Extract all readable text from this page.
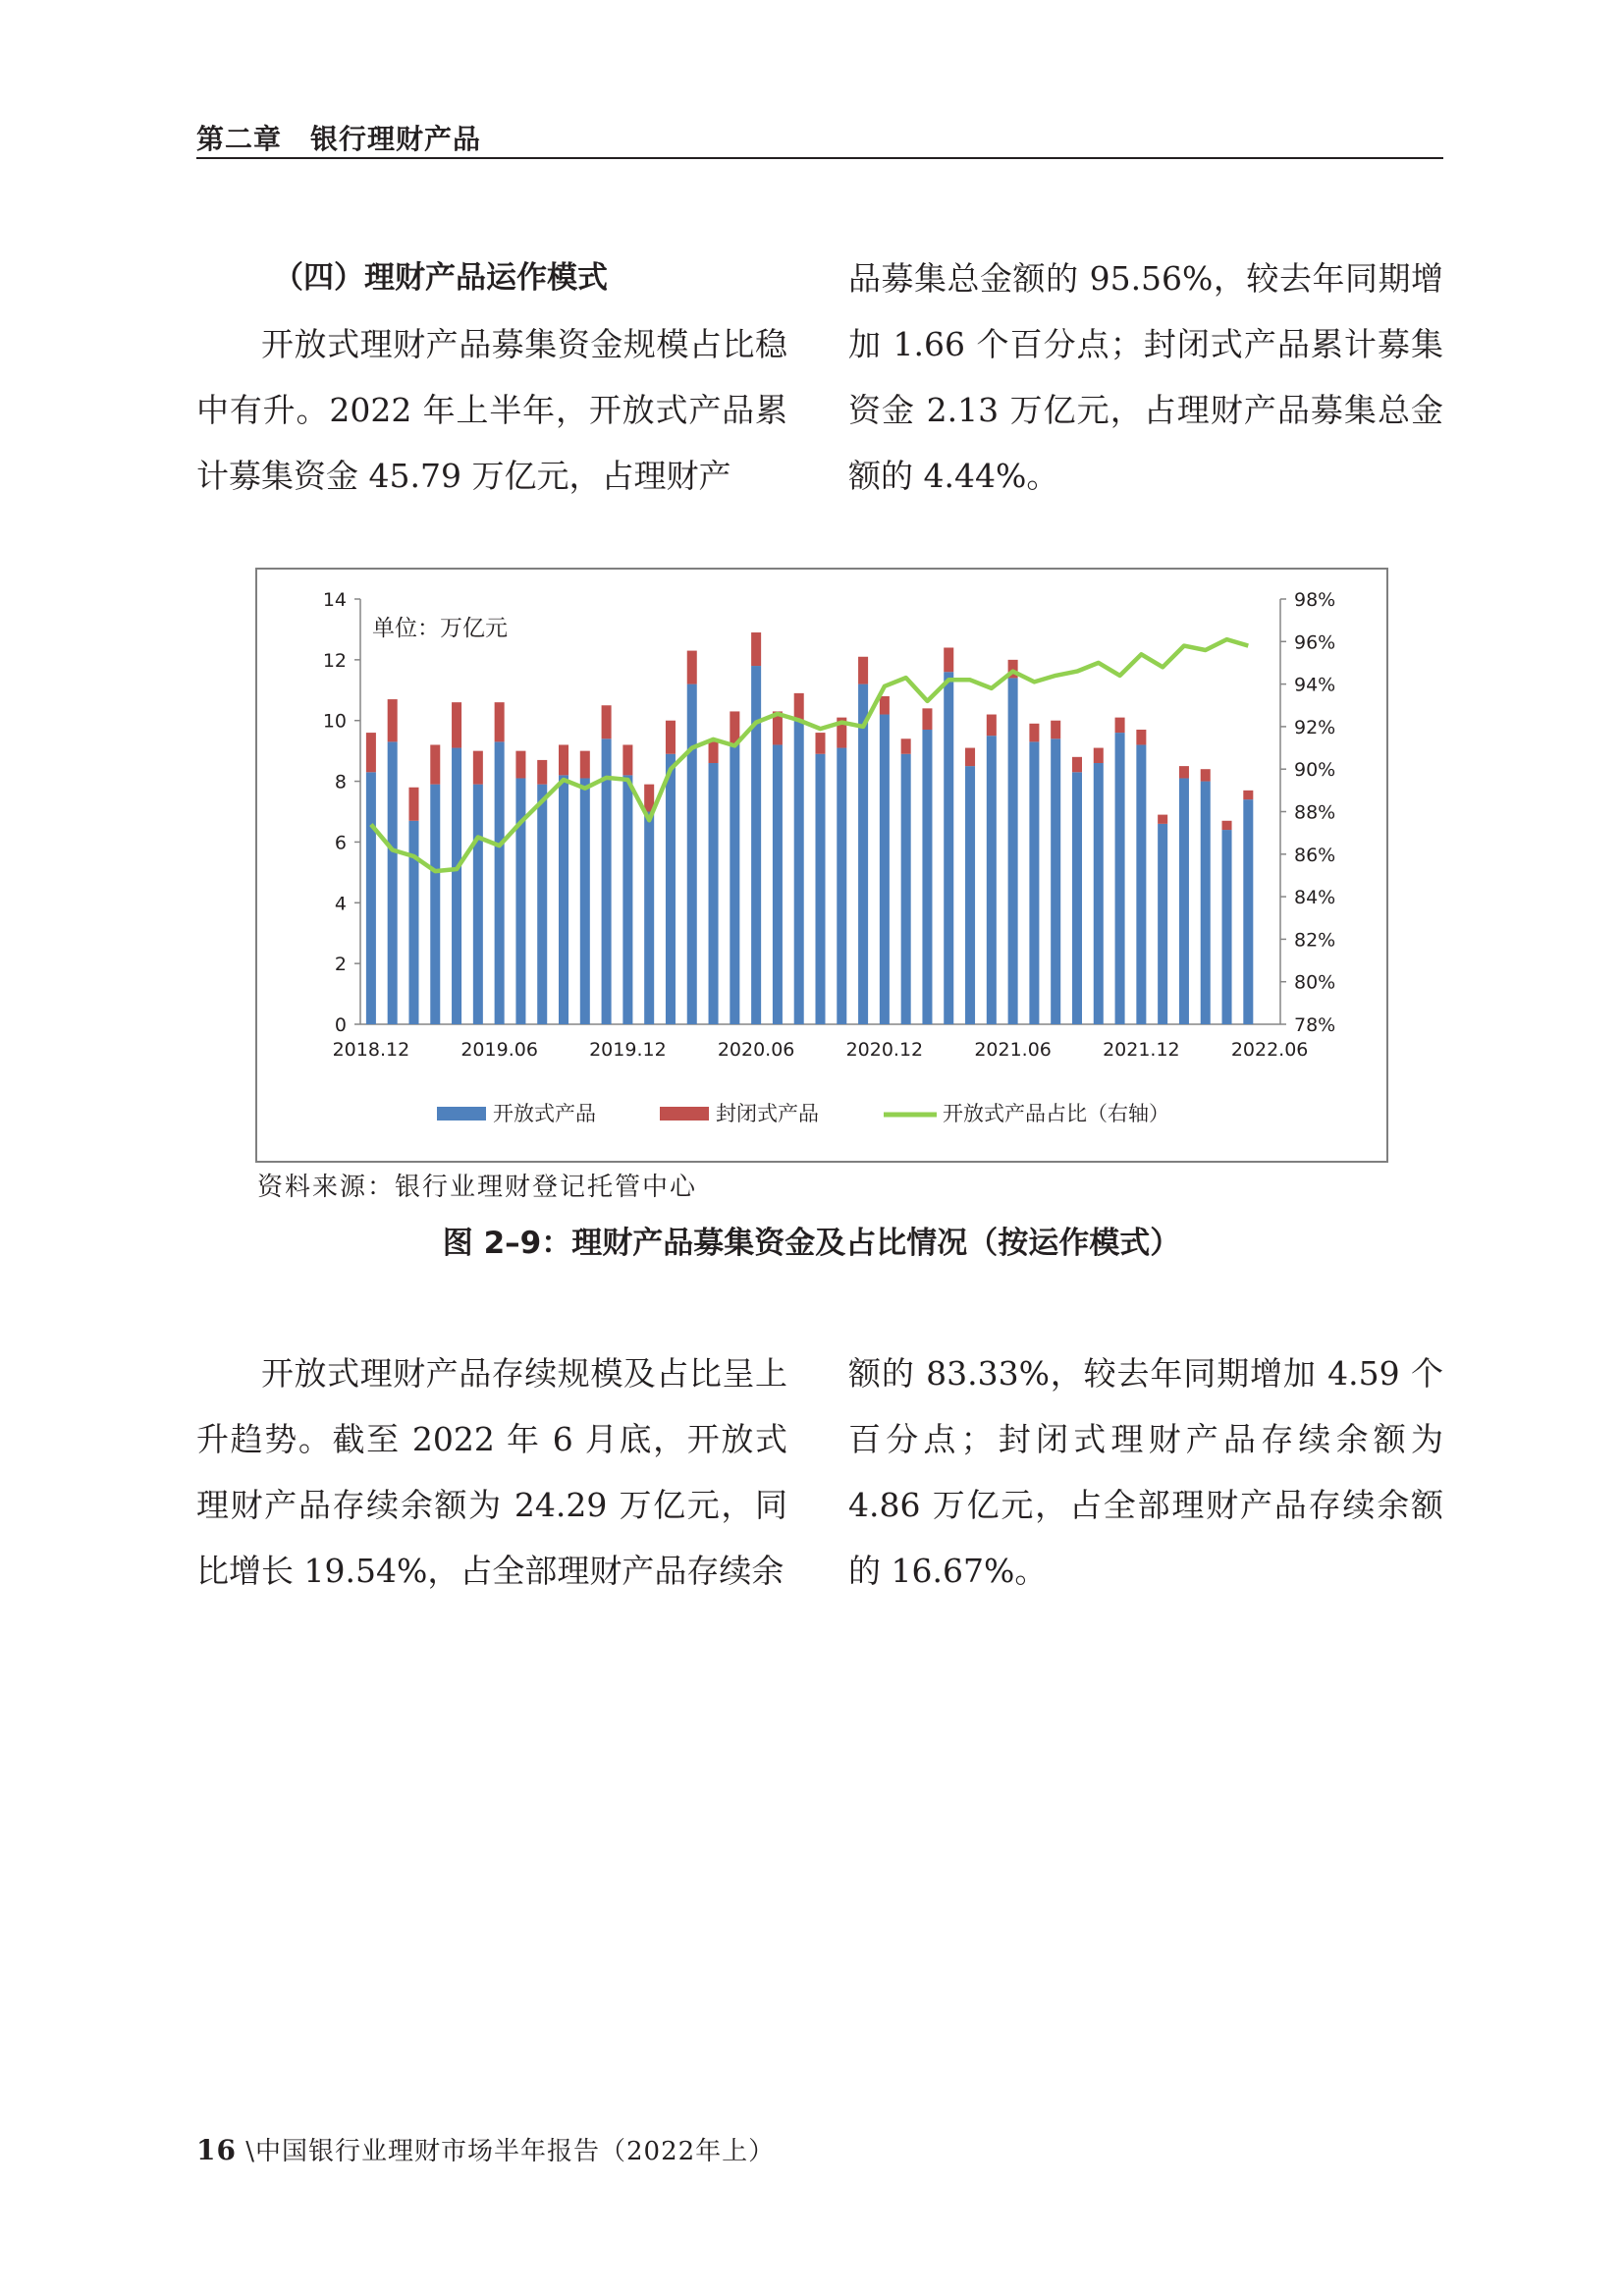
第二章　银行理财产品
（四）理财产品运作模式
开放式理财产品募集资金规模占比稳中有升。2022 年上半年，开放式产品累计募集资金 45.79 万亿元，占理财产
品募集总金额的 95.56%，较去年同期增加 1.66 个百分点；封闭式产品累计募集资金 2.13 万亿元，占理财产品募集总金额的 4.44%。
0
2
4
6
8
10
12
14
78%
80%
82%
84%
86%
88%
90%
92%
94%
96%
98%
2018.12	2019.06	2019.12	2020.06	2020.12	2021.06	2021.12	2022.06
单位：万亿元
开放式产品	封闭式产品	开放式产品占比（右轴）
资料来源：银行业理财登记托管中心
图 2–9：理财产品募集资金及占比情况（按运作模式）
开放式理财产品存续规模及占比呈上升趋势。截至 2022 年 6 月底，开放式理财产品存续余额为 24.29 万亿元，同比增长 19.54%，占全部理财产品存续余
额的 83.33%，较去年同期增加 4.59 个百分点；封闭式理财产品存续余额为 4.86 万亿元，占全部理财产品存续余额的 16.67%。
16 \中国银行业理财市场半年报告（2022年上）
